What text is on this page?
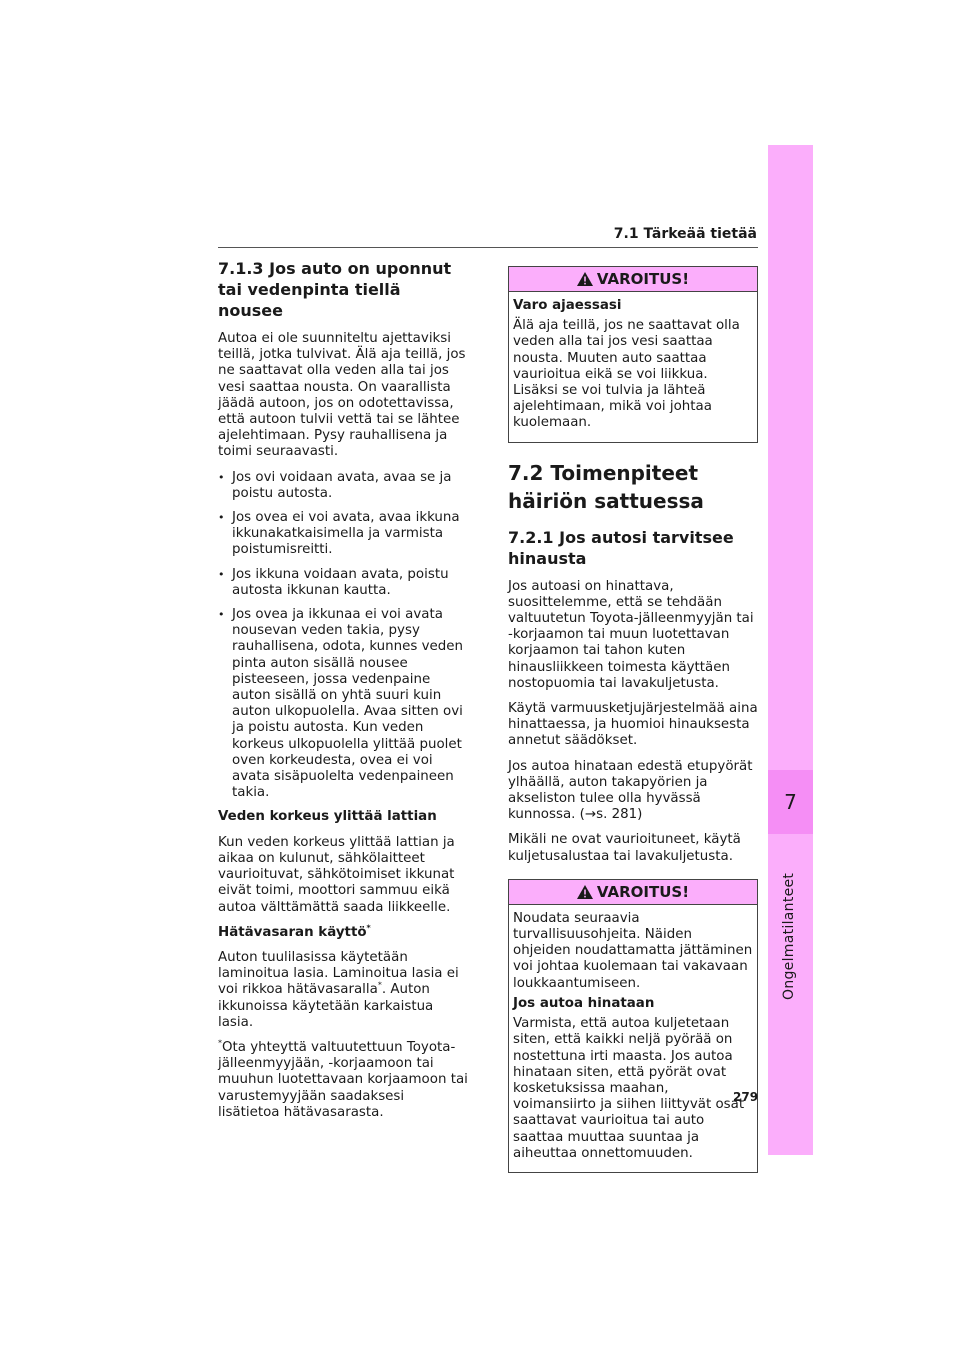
7
Ongelmatilanteet
7.1 Tärkeää tietää
7.1.3 Jos auto on uponnut tai vedenpinta tiellä nousee

Autoa ei ole suunniteltu ajettaviksi teillä, jotka tulvivat. Älä aja teillä, jos ne saattavat olla veden alla tai jos vesi saattaa nousta. On vaarallista jäädä autoon, jos on odotettavissa, että autoon tulvii vettä tai se lähtee ajelehtimaan. Pysy rauhallisena ja toimi seuraavasti.

• Jos ovi voidaan avata, avaa se ja poistu autosta.
• Jos ovea ei voi avata, avaa ikkuna ikkunakatkaisimella ja varmista poistumisreitti.
• Jos ikkuna voidaan avata, poistu autosta ikkunan kautta.
• Jos ovea ja ikkunaa ei voi avata nousevan veden takia, pysy rauhallisena, odota, kunnes veden pinta auton sisällä nousee pisteeseen, jossa vedenpaine auton sisällä on yhtä suuri kuin auton ulkopuolella. Avaa sitten ovi ja poistu autosta. Kun veden korkeus ulkopuolella ylittää puolet oven korkeudesta, ovea ei voi avata sisäpuolelta vedenpaineen takia.

Veden korkeus ylittää lattian

Kun veden korkeus ylittää lattian ja aikaa on kulunut, sähkölaitteet vaurioituvat, sähkötoimiset ikkunat eivät toimi, moottori sammuu eikä autoa välttämättä saada liikkeelle.

Hätävasaran käyttö*

Auton tuulilasissa käytetään laminoitua lasia. Laminoitua lasia ei voi rikkoa hätävasaralla*. Auton ikkunoissa käytetään karkaistua lasia.

*Ota yhteyttä valtuutettuun Toyota-jälleenmyyjään, -korjaamoon tai muuhun luotettavaan korjaamoon tai varustemyyjään saadaksesi lisätietoa hätävasarasta.

VAROITUS!

Varo ajaessasi

Älä aja teillä, jos ne saattavat olla veden alla tai jos vesi saattaa nousta. Muuten auto saattaa vaurioitua eikä se voi liikkua. Lisäksi se voi tulvia ja lähteä ajelehtimaan, mikä voi johtaa kuolemaan.

7.2 Toimenpiteet häiriön sattuessa
7.2.1 Jos autosi tarvitsee hinausta

Jos autoasi on hinattava, suosittelemme, että se tehdään valtuutetun Toyota-jälleenmyyjän tai -korjaamon tai muun luotettavan korjaamon tai tahon kuten hinausliikkeen toimesta käyttäen nostopuomia tai lavakuljetusta.

Käytä varmuusketjujärjestelmää aina hinattaessa, ja huomioi hinauksesta annetut säädökset.

Jos autoa hinataan edestä etupyörät ylhäällä, auton takapyörien ja akseliston tulee olla hyvässä kunnossa. (→s. 281)

Mikäli ne ovat vaurioituneet, käytä kuljetusalustaa tai lavakuljetusta.

VAROITUS!

Noudata seuraavia turvallisuusohjeita. Näiden ohjeiden noudattamatta jättäminen voi johtaa kuolemaan tai vakavaan loukkaantumiseen.

Jos autoa hinataan

Varmista, että autoa kuljetetaan siten, että kaikki neljä pyörää on nostettuna irti maasta. Jos autoa hinataan siten, että pyörät ovat kosketuksissa maahan, voimansiirto ja siihen liittyvät osat saattavat vaurioitua tai auto saattaa muuttaa suuntaa ja aiheuttaa onnettomuuden.

279
